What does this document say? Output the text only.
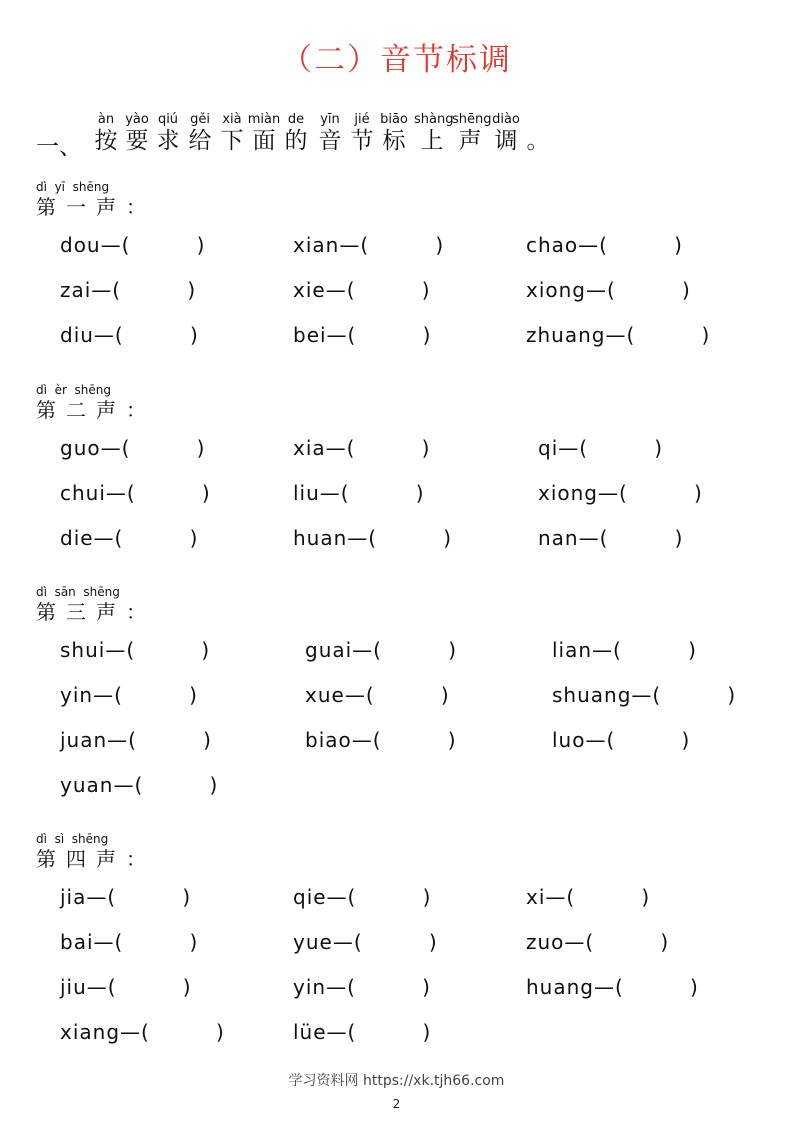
（二）音节标调
一、
àn
按
yào
要
qiú
求
gěi
给
xià
下
miàn
面
de
的
yīn
音
jié
节
biāo
标
shàng
上
shēng
声
diào
调 。
dì  yī  shēng
第一声：
dou—(         )	xian—(         )	chao—(         )
zai—(         )	xie—(         )	xiong—(         )
diu—(         )	bei—(         )	zhuang—(         )
dì  èr  shēng
第二声：
guo—(         )	xia—(         )	qi—(         )
chui—(         )	liu—(         )	xiong—(         )
die—(         )	huan—(         )	nan—(         )
dì  sān  shēng
第三声：
shui—(         )	guai—(         )	lian—(         )
yin—(         )	xue—(         )	shuang—(         )
juan—(         )	biao—(         )	luo—(         )
yuan—(         )
dì  sì  shēng
第四声：
jia—(         )	qie—(         )	xi—(         )
bai—(         )	yue—(         )	zuo—(         )
jiu—(         )	yin—(         )	huang—(         )
xiang—(         )	lüe—(         )
学习资料网 https://xk.tjh66.com
2
